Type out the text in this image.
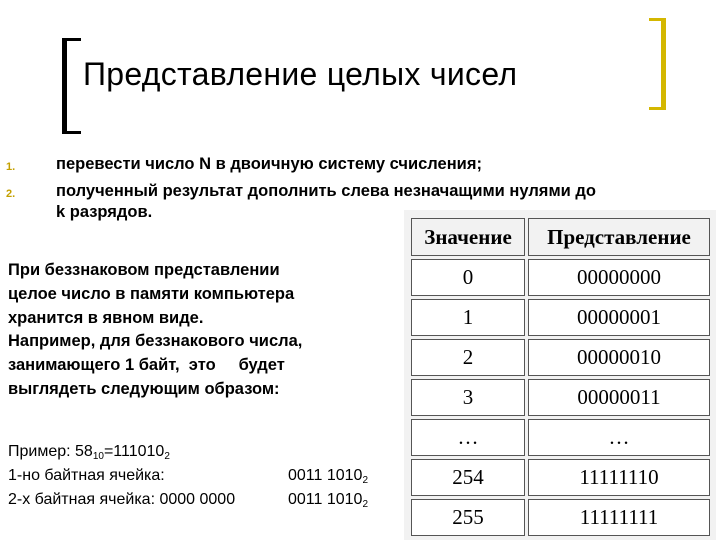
Представление целых чисел
1. перевести число N в двоичную систему счисления;
2. полученный результат дополнить слева незначащими нулями до
k разрядов.
При беззнаковом представлении
целое число в памяти компьютера
хранится в явном виде.
Например, для беззнакового числа,
занимающего 1 байт,  это     будет
выглядеть следующим образом:
Пример: $58_{10}=111010_2$
1-но байтная ячейка:	0011 $1010_2$
2-х байтная ячейка: 0000 0000	0011 $1010_2$
Значение	Представление
0	00000000
1	00000001
2	00000010
3	00000011
…	…
254	11111110
255	11111111
